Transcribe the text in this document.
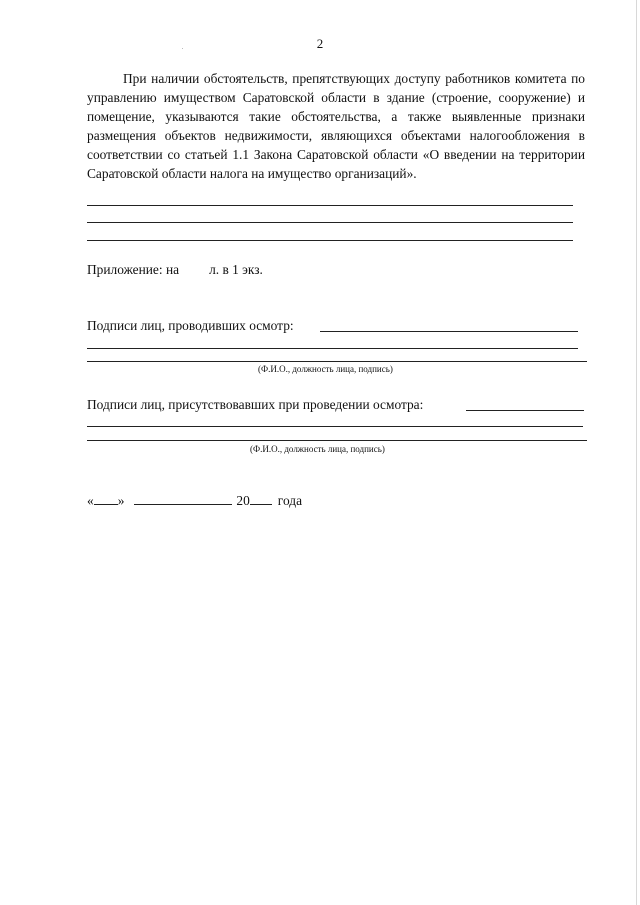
2
При наличии обстоятельств, препятствующих доступу работников комитета по управлению имуществом Саратовской области в здание (строение, сооружение) и помещение, указываются такие обстоятельства, а также выявленные признаки размещения объектов недвижимости, являющихся объектами налогообложения в соответствии со статьей 1.1 Закона Саратовской области «О введении на территории Саратовской области налога на имущество организаций».
Приложение: на л. в 1 экз.
Подписи лиц, проводивших осмотр:
(Ф.И.О., должность лица, подпись)
Подписи лиц, присутствовавших при проведении осмотра:
(Ф.И.О., должность лица, подпись)
« »	20 года
